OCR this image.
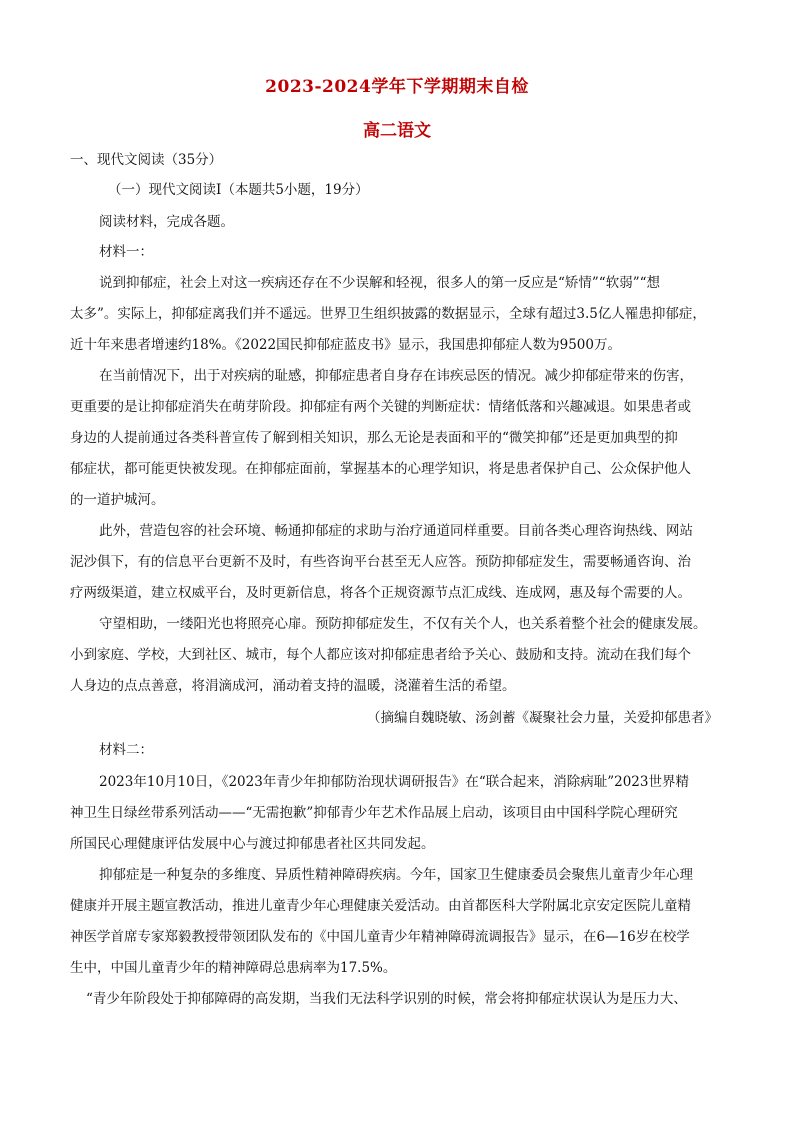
2023-2024学年下学期期末自检
高二语文
一、现代文阅读（35分）
（一）现代文阅读Ⅰ（本题共5小题，19分）
阅读材料，完成各题。
材料一：
说到抑郁症，社会上对这一疾病还存在不少误解和轻视，很多人的第一反应是“矫情”“软弱”“想
太多”。实际上，抑郁症离我们并不遥远。世界卫生组织披露的数据显示，全球有超过3.5亿人罹患抑郁症，
近十年来患者增速约18%。《2022国民抑郁症蓝皮书》显示，我国患抑郁症人数为9500万。
在当前情况下，出于对疾病的耻感，抑郁症患者自身存在讳疾忌医的情况。减少抑郁症带来的伤害，
更重要的是让抑郁症消失在萌芽阶段。抑郁症有两个关键的判断症状：情绪低落和兴趣减退。如果患者或
身边的人提前通过各类科普宣传了解到相关知识，那么无论是表面和平的“微笑抑郁”还是更加典型的抑
郁症状，都可能更快被发现。在抑郁症面前，掌握基本的心理学知识，将是患者保护自己、公众保护他人
的一道护城河。
此外，营造包容的社会环境、畅通抑郁症的求助与治疗通道同样重要。目前各类心理咨询热线、网站
泥沙俱下，有的信息平台更新不及时，有些咨询平台甚至无人应答。预防抑郁症发生，需要畅通咨询、治
疗两级渠道，建立权威平台，及时更新信息，将各个正规资源节点汇成线、连成网，惠及每个需要的人。
守望相助，一缕阳光也将照亮心扉。预防抑郁症发生，不仅有关个人，也关系着整个社会的健康发展。
小到家庭、学校，大到社区、城市，每个人都应该对抑郁症患者给予关心、鼓励和支持。流动在我们每个
人身边的点点善意，将涓滴成河，涌动着支持的温暖，浇灌着生活的希望。
（摘编自魏晓敏、汤剑蓄《凝聚社会力量，关爱抑郁患者》
材料二：
2023年10月10日，《2023年青少年抑郁防治现状调研报告》在“联合起来，消除病耻”2023世界精
神卫生日绿丝带系列活动——“无需抱歉”抑郁青少年艺术作品展上启动，该项目由中国科学院心理研究
所国民心理健康评估发展中心与渡过抑郁患者社区共同发起。
抑郁症是一种复杂的多维度、异质性精神障碍疾病。今年，国家卫生健康委员会聚焦儿童青少年心理
健康并开展主题宣教活动，推进儿童青少年心理健康关爱活动。由首都医科大学附属北京安定医院儿童精
神医学首席专家郑毅教授带领团队发布的《中国儿童青少年精神障碍流调报告》显示，在6—16岁在校学
生中，中国儿童青少年的精神障碍总患病率为17.5%。
“青少年阶段处于抑郁障碍的高发期，当我们无法科学识别的时候，常会将抑郁症状误认为是压力大、
